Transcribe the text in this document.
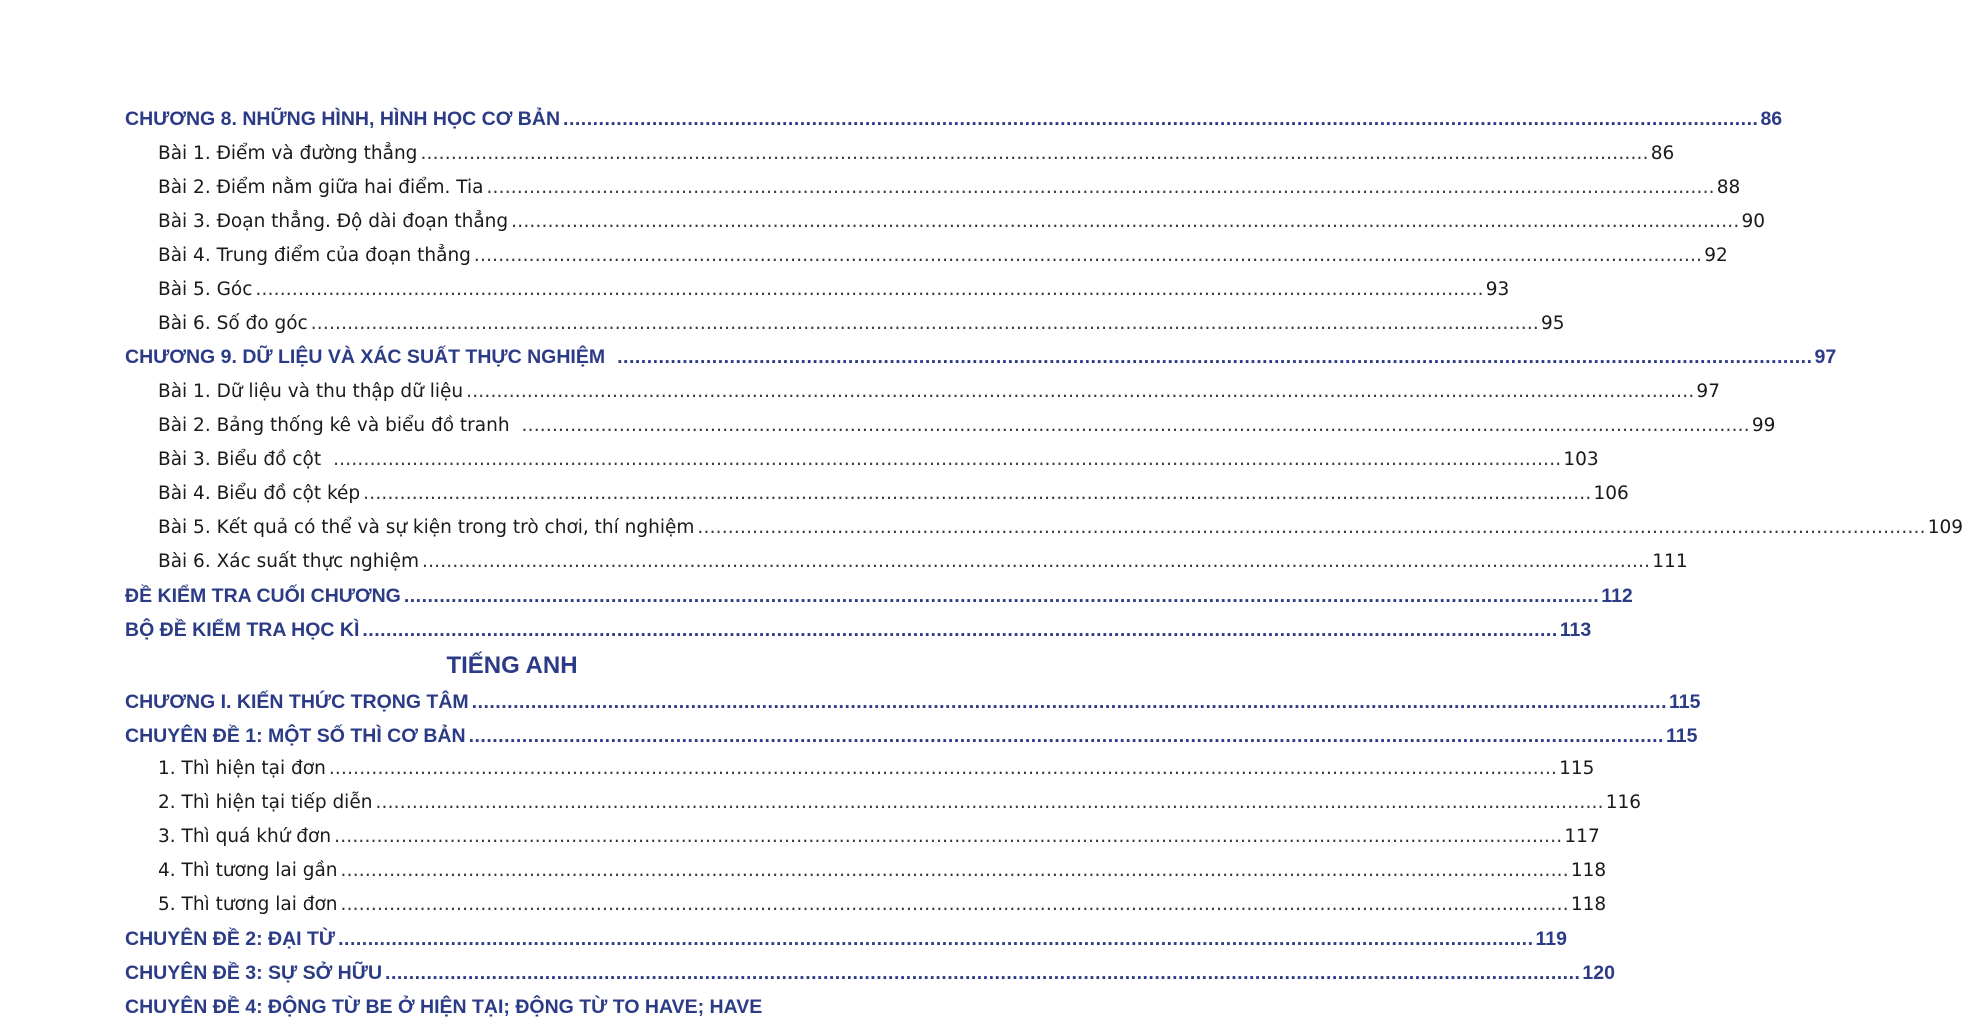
CHƯƠNG 8. NHỮNG HÌNH, HÌNH HỌC CƠ BẢN .......................................................................................................................................................................................................... 86
Bài 1. Điểm và đường thẳng .......................................................................................................................................................................................................... 86
Bài 2. Điểm nằm giữa hai điểm. Tia .......................................................................................................................................................................................................... 88
Bài 3. Đoạn thẳng. Độ dài đoạn thẳng .......................................................................................................................................................................................................... 90
Bài 4. Trung điểm của đoạn thẳng .......................................................................................................................................................................................................... 92
Bài 5. Góc .......................................................................................................................................................................................................... 93
Bài 6. Số đo góc .......................................................................................................................................................................................................... 95
CHƯƠNG 9. DỮ LIỆU VÀ XÁC SUẤT THỰC NGHIỆM .......................................................................................................................................................................................................... 97
Bài 1. Dữ liệu và thu thập dữ liệu .......................................................................................................................................................................................................... 97
Bài 2. Bảng thống kê và biểu đồ tranh .......................................................................................................................................................................................................... 99
Bài 3. Biểu đồ cột .......................................................................................................................................................................................................... 103
Bài 4. Biểu đồ cột kép .......................................................................................................................................................................................................... 106
Bài 5. Kết quả có thể và sự kiện trong trò chơi, thí nghiệm .......................................................................................................................................................................................................... 109
Bài 6. Xác suất thực nghiệm .......................................................................................................................................................................................................... 111
ĐỀ KIỂM TRA CUỐI CHƯƠNG .......................................................................................................................................................................................................... 112
BỘ ĐỀ KIỂM TRA HỌC KÌ .......................................................................................................................................................................................................... 113
TIẾNG ANH
CHƯƠNG I. KIẾN THỨC TRỌNG TÂM .......................................................................................................................................................................................................... 115
CHUYÊN ĐỀ 1: MỘT SỐ THÌ CƠ BẢN .......................................................................................................................................................................................................... 115
1. Thì hiện tại đơn .......................................................................................................................................................................................................... 115
2. Thì hiện tại tiếp diễn .......................................................................................................................................................................................................... 116
3. Thì quá khứ đơn .......................................................................................................................................................................................................... 117
4. Thì tương lai gần .......................................................................................................................................................................................................... 118
5. Thì tương lai đơn .......................................................................................................................................................................................................... 118
CHUYÊN ĐỀ 2: ĐẠI TỪ .......................................................................................................................................................................................................... 119
CHUYÊN ĐỀ 3: SỰ SỞ HỮU .......................................................................................................................................................................................................... 120
CHUYÊN ĐỀ 4: ĐỘNG TỪ BE Ở HIỆN TẠI; ĐỘNG TỪ TO HAVE; HAVE
